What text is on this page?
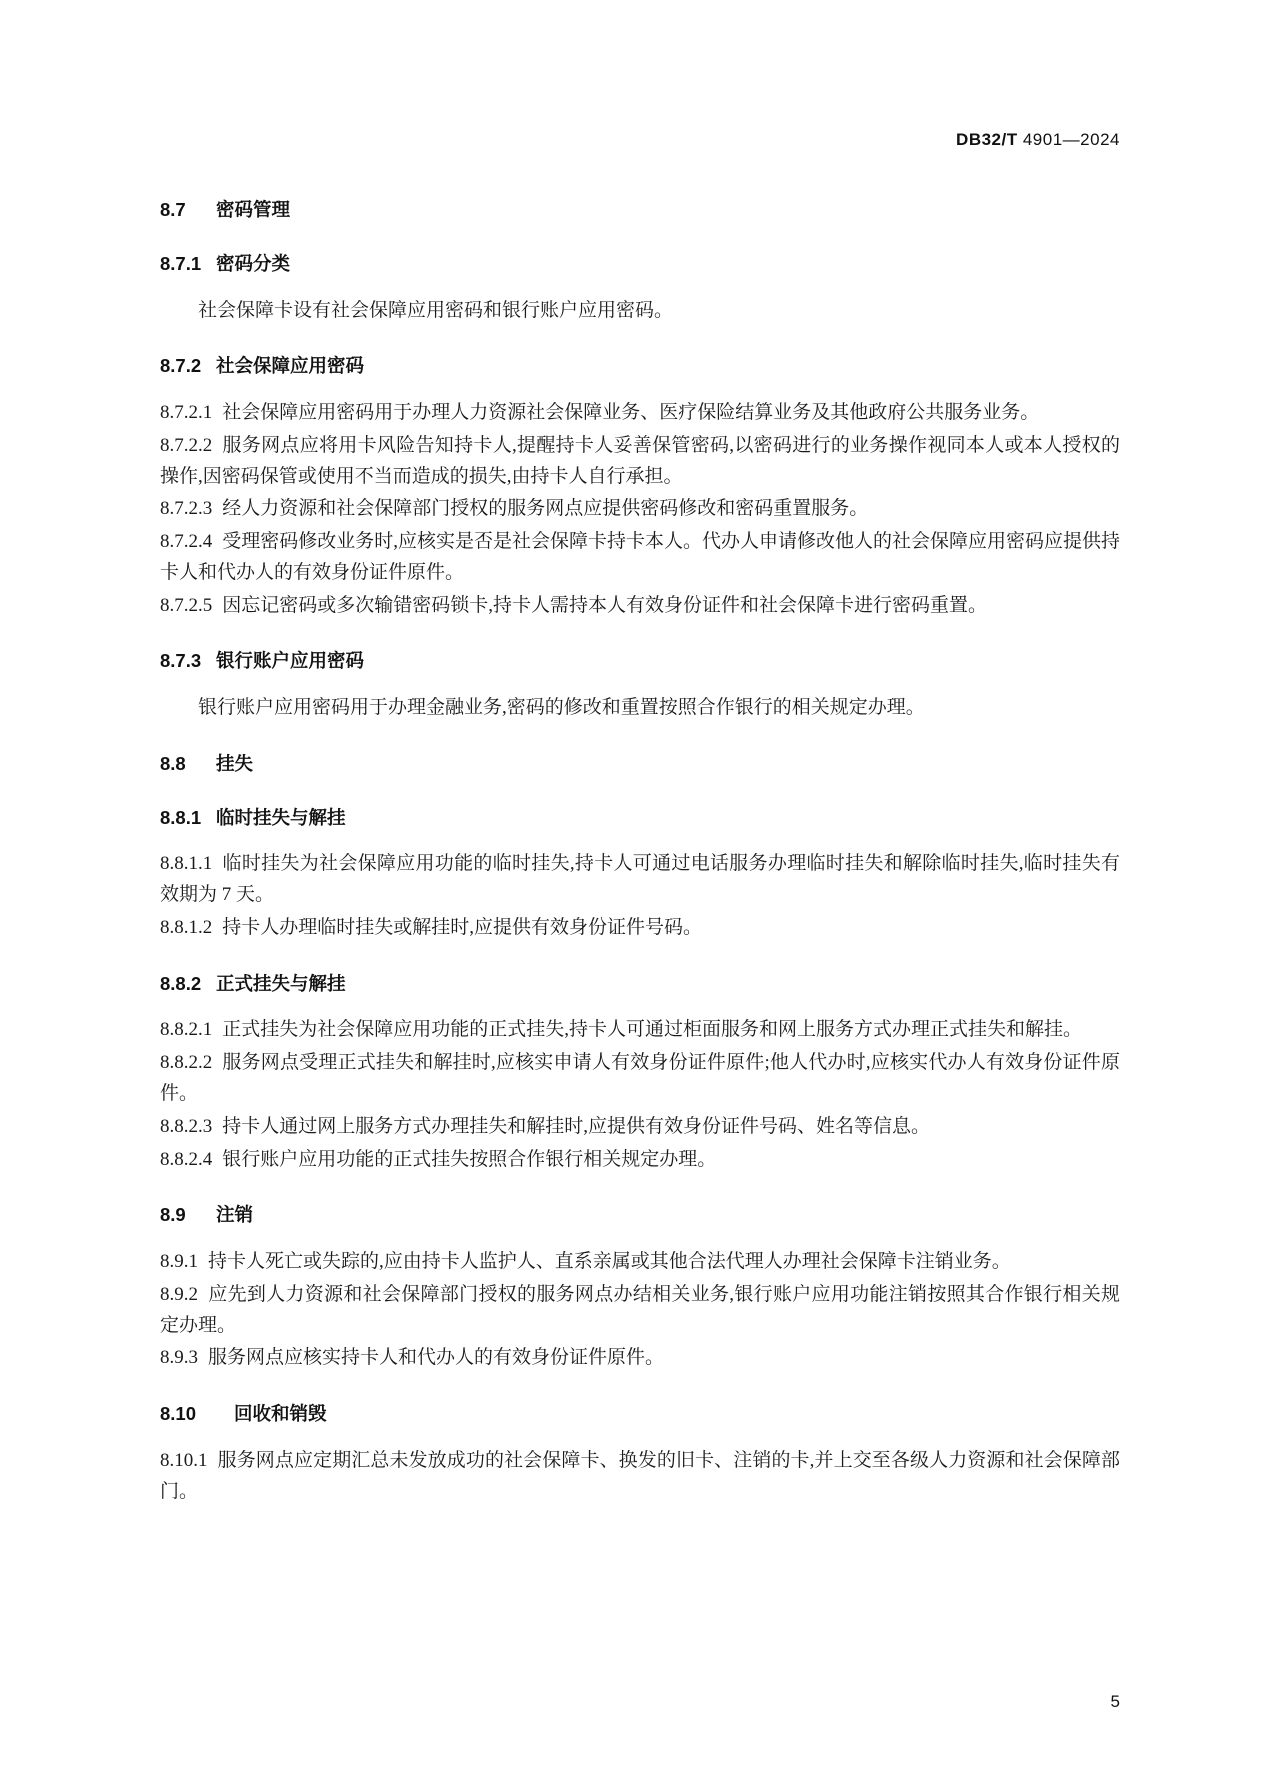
DB32/T 4901—2024
8.7 密码管理
8.7.1 密码分类

社会保障卡设有社会保障应用密码和银行账户应用密码。

8.7.2 社会保障应用密码

8.7.2.1 社会保障应用密码用于办理人力资源社会保障业务、医疗保险结算业务及其他政府公共服务业务。

8.7.2.2 服务网点应将用卡风险告知持卡人,提醒持卡人妥善保管密码,以密码进行的业务操作视同本人或本人授权的操作,因密码保管或使用不当而造成的损失,由持卡人自行承担。

8.7.2.3 经人力资源和社会保障部门授权的服务网点应提供密码修改和密码重置服务。

8.7.2.4 受理密码修改业务时,应核实是否是社会保障卡持卡本人。代办人申请修改他人的社会保障应用密码应提供持卡人和代办人的有效身份证件原件。

8.7.2.5 因忘记密码或多次输错密码锁卡,持卡人需持本人有效身份证件和社会保障卡进行密码重置。

8.7.3 银行账户应用密码

银行账户应用密码用于办理金融业务,密码的修改和重置按照合作银行的相关规定办理。

8.8 挂失
8.8.1 临时挂失与解挂

8.8.1.1 临时挂失为社会保障应用功能的临时挂失,持卡人可通过电话服务办理临时挂失和解除临时挂失,临时挂失有效期为 7 天。

8.8.1.2 持卡人办理临时挂失或解挂时,应提供有效身份证件号码。

8.8.2 正式挂失与解挂

8.8.2.1 正式挂失为社会保障应用功能的正式挂失,持卡人可通过柜面服务和网上服务方式办理正式挂失和解挂。

8.8.2.2 服务网点受理正式挂失和解挂时,应核实申请人有效身份证件原件;他人代办时,应核实代办人有效身份证件原件。

8.8.2.3 持卡人通过网上服务方式办理挂失和解挂时,应提供有效身份证件号码、姓名等信息。

8.8.2.4 银行账户应用功能的正式挂失按照合作银行相关规定办理。

8.9 注销

8.9.1 持卡人死亡或失踪的,应由持卡人监护人、直系亲属或其他合法代理人办理社会保障卡注销业务。

8.9.2 应先到人力资源和社会保障部门授权的服务网点办结相关业务,银行账户应用功能注销按照其合作银行相关规定办理。

8.9.3 服务网点应核实持卡人和代办人的有效身份证件原件。

8.10 回收和销毁

8.10.1 服务网点应定期汇总未发放成功的社会保障卡、换发的旧卡、注销的卡,并上交至各级人力资源和社会保障部门。

5
